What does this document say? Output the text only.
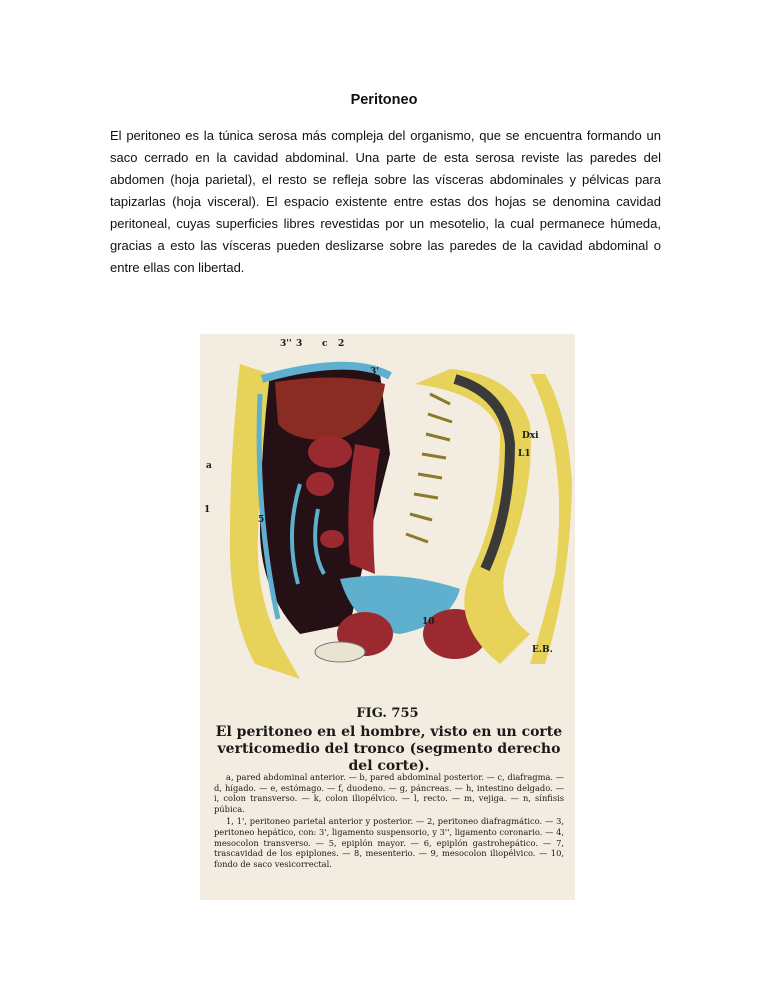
Peritoneo

El peritoneo es la túnica serosa más compleja del organismo, que se encuentra formando un saco cerrado en la cavidad abdominal. Una parte de esta serosa reviste las paredes del abdomen (hoja parietal), el resto se refleja sobre las vísceras abdominales y pélvicas para tapizarlas (hoja visceral). El espacio existente entre estas dos hojas se denomina cavidad peritoneal, cuyas superficies libres revestidas por un mesotelio, la cual permanece húmeda, gracias a esto las vísceras pueden deslizarse sobre las paredes de la cavidad abdominal o entre ellas con libertad.

3'' 3 c 2
3'
Dxi
L1
a
1
5
n	10
E.B.
FIG. 755

El peritoneo en el hombre, visto en un corte verticomedio del tronco (segmento derecho del corte).

a, pared abdominal anterior. — b, pared abdominal posterior. — c, diafragma. — d, hígado. — e, estómago. — f, duodeno. — g, páncreas. — h, intestino delgado. — i, colon transverso. — k, colon iliopélvico. — l, recto. — m, vejiga. — n, sínfisis púbica.

1, 1', peritoneo parietal anterior y posterior. — 2, peritoneo diafragmático. — 3, peritoneo hepático, con: 3', ligamento suspensorio, y 3'', ligamento coronario. — 4, mesocolon transverso. — 5, epiplón mayor. — 6, epiplón gastrohepático. — 7, trascavidad de los epiplones. — 8, mesenterio. — 9, mesocolon iliopélvico. — 10, fondo de saco vesicorrectal.
